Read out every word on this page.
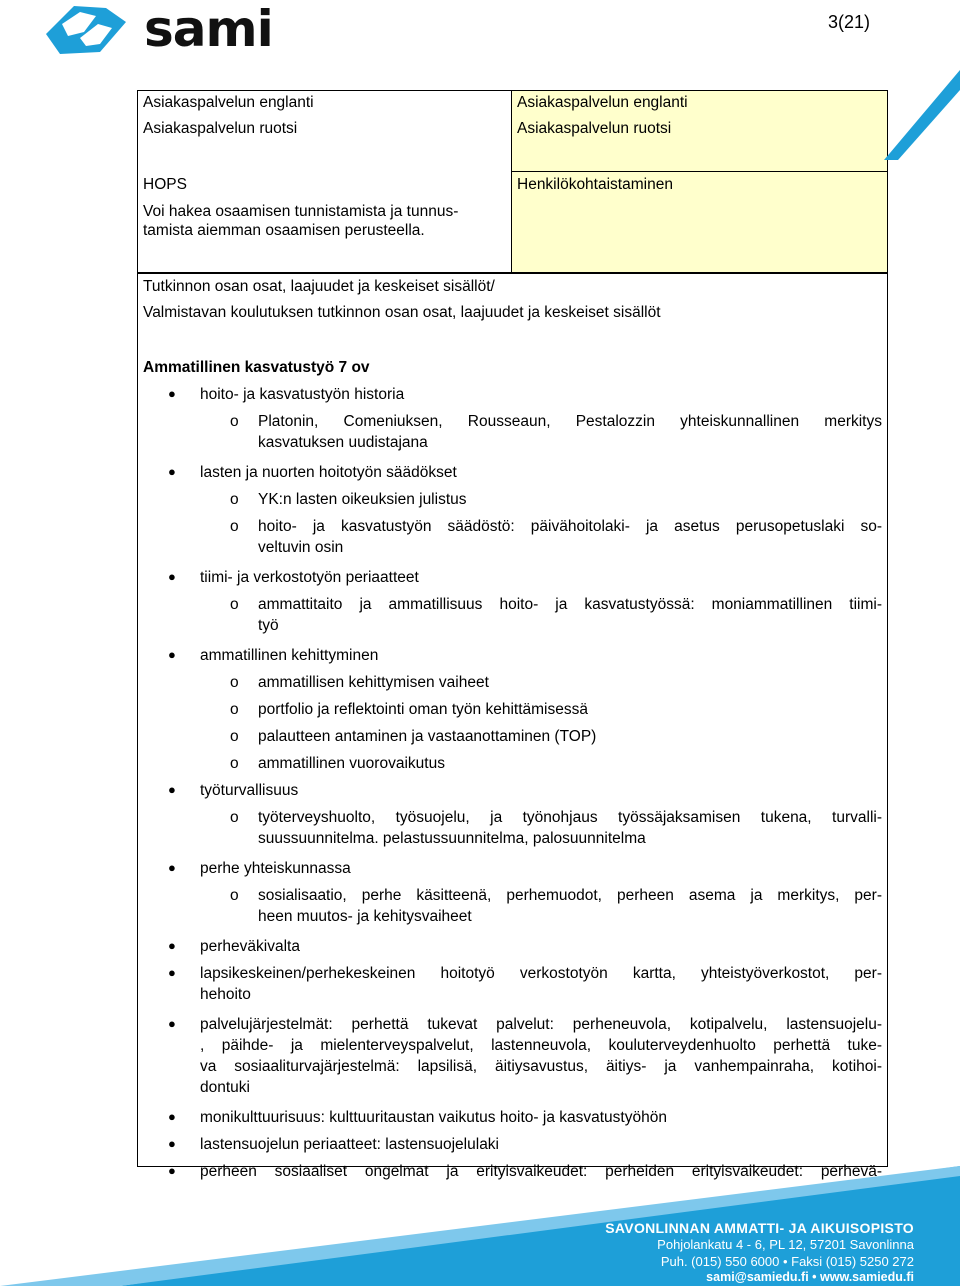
sami	3(21)
Asiakaspalvelun englanti
Asiakaspalvelun ruotsi
HOPS
Voi hakea osaamisen tunnistamista ja tunnus-
tamista aiemman osaamisen perusteella.
Asiakaspalvelun englanti
Asiakaspalvelun ruotsi
Henkilökohtaistaminen
Tutkinnon osan osat, laajuudet ja keskeiset sisällöt/
Valmistavan koulutuksen tutkinnon osan osat, laajuudet ja keskeiset sisällöt
Ammatillinen kasvatustyö 7 ov
● hoito- ja kasvatustyön historia
o Platonin, Comeniuksen, Rousseaun, Pestalozzin yhteiskunnallinen merkitys
kasvatuksen uudistajana
● lasten ja nuorten hoitotyön säädökset
o YK:n lasten oikeuksien julistus
o hoito- ja kasvatustyön säädöstö: päivähoitolaki- ja asetus perusopetuslaki so-
veltuvin osin
● tiimi- ja verkostotyön periaatteet
o ammattitaito ja ammatillisuus hoito- ja kasvatustyössä: moniammatillinen tiimi-
työ
● ammatillinen kehittyminen
o ammatillisen kehittymisen vaiheet
o portfolio ja reflektointi oman työn kehittämisessä
o palautteen antaminen ja vastaanottaminen (TOP)
o ammatillinen vuorovaikutus
● työturvallisuus
o työterveyshuolto, työsuojelu, ja työnohjaus työssäjaksamisen tukena, turvalli-
suussuunnitelma. pelastussuunnitelma, palosuunnitelma
● perhe yhteiskunnassa
o sosialisaatio, perhe käsitteenä, perhemuodot, perheen asema ja merkitys, per-
heen muutos- ja kehitysvaiheet
● perheväkivalta
● lapsikeskeinen/perhekeskeinen hoitotyö verkostotyön kartta, yhteistyöverkostot, per-
hehoito
● palvelujärjestelmät: perhettä tukevat palvelut: perheneuvola, kotipalvelu, lastensuojelu-
, päihde- ja mielenterveyspalvelut, lastenneuvola, kouluterveydenhuolto perhettä tuke-
va sosiaaliturvajärjestelmä: lapsilisä, äitiysavustus, äitiys- ja vanhempainraha, kotihoi-
dontuki
● monikulttuurisuus: kulttuuritaustan vaikutus hoito- ja kasvatustyöhön
● lastensuojelun periaatteet: lastensuojelulaki
● perheen sosiaaliset ongelmat ja erityisvaikeudet: perheiden erityisvaikeudet: perhevä-
SAVONLINNAN AMMATTI- JA AIKUISOPISTO
Pohjolankatu 4 - 6, PL 12, 57201 Savonlinna
Puh. (015) 550 6000 • Faksi (015) 5250 272
sami@samiedu.fi • www.samiedu.fi
